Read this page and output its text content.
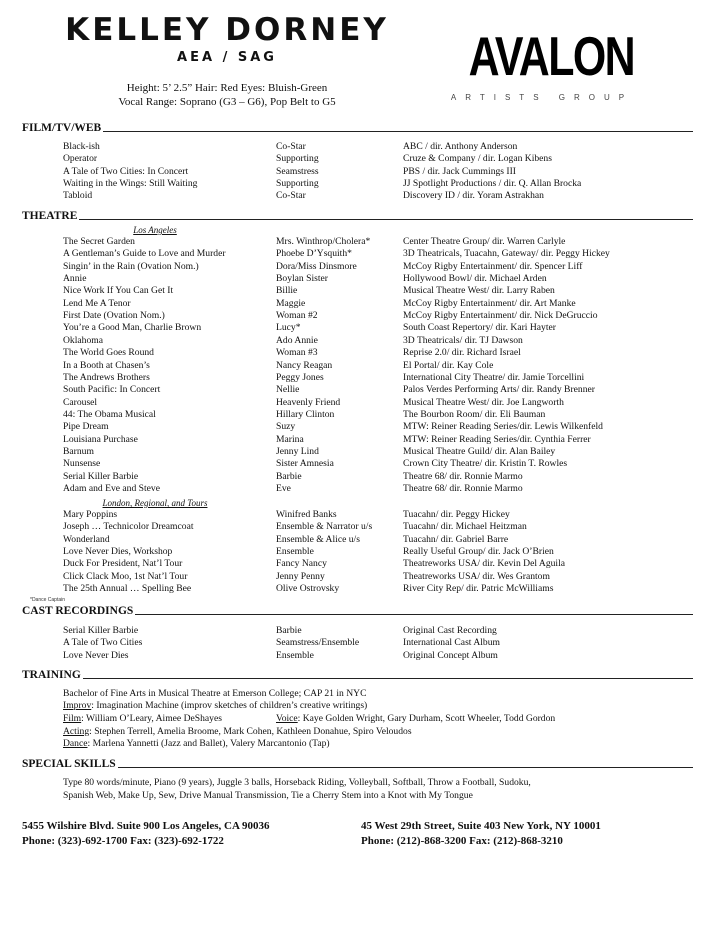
KELLEY DORNEY
AEA / SAG
Height: 5’ 2.5” Hair: Red Eyes: Bluish-Green
Vocal Range: Soprano (G3 – G6), Pop Belt to G5
AVALON
ARTISTS GROUP
FILM/TV/WEB
Black-ish	Co-Star	ABC / dir. Anthony Anderson
Operator	Supporting	Cruze & Company / dir. Logan Kibens
A Tale of Two Cities: In Concert	Seamstress	PBS / dir. Jack Cummings III
Waiting in the Wings: Still Waiting	Supporting	JJ Spotlight Productions / dir. Q. Allan Brocka
Tabloid	Co-Star	Discovery ID / dir. Yoram Astrakhan
THEATRE
Los Angeles
The Secret Garden	Mrs. Winthrop/Cholera*	Center Theatre Group/ dir. Warren Carlyle
A Gentleman’s Guide to Love and Murder	Phoebe D’Ysquith*	3D Theatricals, Tuacahn, Gateway/ dir. Peggy Hickey
Singin’ in the Rain (Ovation Nom.)	Dora/Miss Dinsmore	McCoy Rigby Entertainment/ dir. Spencer Liff
Annie	Boylan Sister	Hollywood Bowl/ dir. Michael Arden
Nice Work If You Can Get It	Billie	Musical Theatre West/ dir. Larry Raben
Lend Me A Tenor	Maggie	McCoy Rigby Entertainment/ dir. Art Manke
First Date (Ovation Nom.)	Woman #2	McCoy Rigby Entertainment/ dir. Nick DeGruccio
You’re a Good Man, Charlie Brown	Lucy*	South Coast Repertory/ dir. Kari Hayter
Oklahoma	Ado Annie	3D Theatricals/ dir. TJ Dawson
The World Goes Round	Woman #3	Reprise 2.0/ dir. Richard Israel
In a Booth at Chasen’s	Nancy Reagan	El Portal/ dir. Kay Cole
The Andrews Brothers	Peggy Jones	International City Theatre/ dir. Jamie Torcellini
South Pacific: In Concert	Nellie	Palos Verdes Performing Arts/ dir. Randy Brenner
Carousel	Heavenly Friend	Musical Theatre West/ dir. Joe Langworth
44: The Obama Musical	Hillary Clinton	The Bourbon Room/ dir. Eli Bauman
Pipe Dream	Suzy	MTW: Reiner Reading Series/dir. Lewis Wilkenfeld
Louisiana Purchase	Marina	MTW: Reiner Reading Series/dir. Cynthia Ferrer
Barnum	Jenny Lind	Musical Theatre Guild/ dir. Alan Bailey
Nunsense	Sister Amnesia	Crown City Theatre/ dir. Kristin T. Rowles
Serial Killer Barbie	Barbie	Theatre 68/ dir. Ronnie Marmo
Adam and Eve and Steve	Eve	Theatre 68/ dir. Ronnie Marmo
London, Regional, and Tours
Mary Poppins	Winifred Banks	Tuacahn/ dir. Peggy Hickey
Joseph … Technicolor Dreamcoat	Ensemble & Narrator u/s	Tuacahn/ dir. Michael Heitzman
Wonderland	Ensemble & Alice u/s	Tuacahn/ dir. Gabriel Barre
Love Never Dies, Workshop	Ensemble	Really Useful Group/ dir. Jack O’Brien
Duck For President, Nat’l Tour	Fancy Nancy	Theatreworks USA/ dir. Kevin Del Aguila
Click Clack Moo, 1st Nat’l Tour	Jenny Penny	Theatreworks USA/ dir. Wes Grantom
The 25th Annual … Spelling Bee	Olive Ostrovsky	River City Rep/ dir. Patric McWilliams
*Dance Captain
CAST RECORDINGS
Serial Killer Barbie	Barbie	Original Cast Recording
A Tale of Two Cities	Seamstress/Ensemble	International Cast Album
Love Never Dies	Ensemble	Original Concept Album
TRAINING
Bachelor of Fine Arts in Musical Theatre at Emerson College; CAP 21 in NYC
Improv: Imagination Machine (improv sketches of children’s creative writings)
Film: William O’Leary, Aimee DeShayes	Voice: Kaye Golden Wright, Gary Durham, Scott Wheeler, Todd Gordon
Acting: Stephen Terrell, Amelia Broome, Mark Cohen, Kathleen Donahue, Spiro Veloudos
Dance: Marlena Yannetti (Jazz and Ballet), Valery Marcantonio (Tap)
SPECIAL SKILLS
Type 80 words/minute, Piano (9 years), Juggle 3 balls, Horseback Riding, Volleyball, Softball, Throw a Football, Sudoku,
Spanish Web, Make Up, Sew, Drive Manual Transmission, Tie a Cherry Stem into a Knot with My Tongue
5455 Wilshire Blvd. Suite 900 Los Angeles, CA 90036
Phone: (323)-692-1700 Fax: (323)-692-1722
45 West 29th Street, Suite 403 New York, NY 10001
Phone: (212)-868-3200 Fax: (212)-868-3210
